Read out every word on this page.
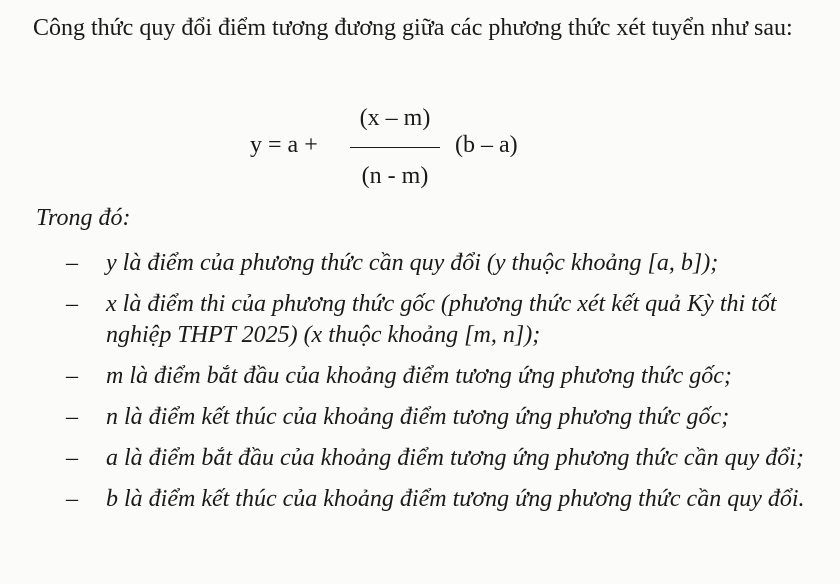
Công thức quy đổi điểm tương đương giữa các phương thức xét tuyển như sau:
y = a +
(x – m)
(n - m)
(b – a)
Trong đó:
– y là điểm của phương thức cần quy đổi (y thuộc khoảng [a, b]);
– x là điểm thi của phương thức gốc (phương thức xét kết quả Kỳ thi tốt nghiệp THPT 2025) (x thuộc khoảng [m, n]);
– m là điểm bắt đầu của khoảng điểm tương ứng phương thức gốc;
– n là điểm kết thúc của khoảng điểm tương ứng phương thức gốc;
– a là điểm bắt đầu của khoảng điểm tương ứng phương thức cần quy đổi;
– b là điểm kết thúc của khoảng điểm tương ứng phương thức cần quy đổi.
